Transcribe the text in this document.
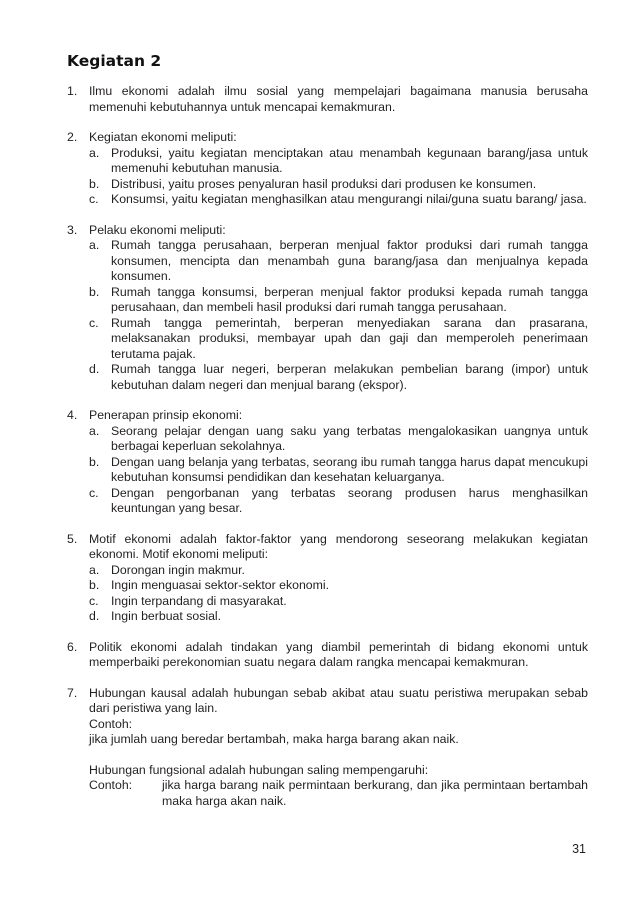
Kegiatan 2
1. Ilmu ekonomi adalah ilmu sosial yang mempelajari bagaimana manusia berusaha memenuhi kebutuhannya untuk mencapai kemakmuran.
2. Kegiatan ekonomi meliputi:
a. Produksi, yaitu kegiatan menciptakan atau menambah kegunaan barang/jasa untuk memenuhi kebutuhan manusia.
b. Distribusi, yaitu proses penyaluran hasil produksi dari produsen ke konsumen.
c. Konsumsi, yaitu kegiatan menghasilkan atau mengurangi nilai/guna suatu barang/ jasa.
3. Pelaku ekonomi meliputi:
a. Rumah tangga perusahaan, berperan menjual faktor produksi dari rumah tangga konsumen, mencipta dan menambah guna barang/jasa dan menjualnya kepada konsumen.
b. Rumah tangga konsumsi, berperan menjual faktor produksi kepada rumah tangga perusahaan, dan membeli hasil produksi dari rumah tangga perusahaan.
c. Rumah tangga pemerintah, berperan menyediakan sarana dan prasarana, melaksanakan produksi, membayar upah dan gaji dan memperoleh penerimaan terutama pajak.
d. Rumah tangga luar negeri, berperan melakukan pembelian barang (impor) untuk kebutuhan dalam negeri dan menjual barang (ekspor).
4. Penerapan prinsip ekonomi:
a. Seorang pelajar dengan uang saku yang terbatas mengalokasikan uangnya untuk berbagai keperluan sekolahnya.
b. Dengan uang belanja yang terbatas, seorang ibu rumah tangga harus dapat mencukupi kebutuhan konsumsi pendidikan dan kesehatan keluarganya.
c. Dengan pengorbanan yang terbatas seorang produsen harus menghasilkan keuntungan yang besar.
5. Motif ekonomi adalah faktor-faktor yang mendorong seseorang melakukan kegiatan ekonomi. Motif ekonomi meliputi:
a. Dorongan ingin makmur.
b. Ingin menguasai sektor-sektor ekonomi.
c. Ingin terpandang di masyarakat.
d. Ingin berbuat sosial.
6. Politik ekonomi adalah tindakan yang diambil pemerintah di bidang ekonomi untuk memperbaiki perekonomian suatu negara dalam rangka mencapai kemakmuran.
7. Hubungan kausal adalah hubungan sebab akibat atau suatu peristiwa merupakan sebab dari peristiwa yang lain.
Contoh:
jika jumlah uang beredar bertambah, maka harga barang akan naik.
Hubungan fungsional adalah hubungan saling mempengaruhi:
Contoh: jika harga barang naik permintaan berkurang, dan jika permintaan bertambah maka harga akan naik.
31
